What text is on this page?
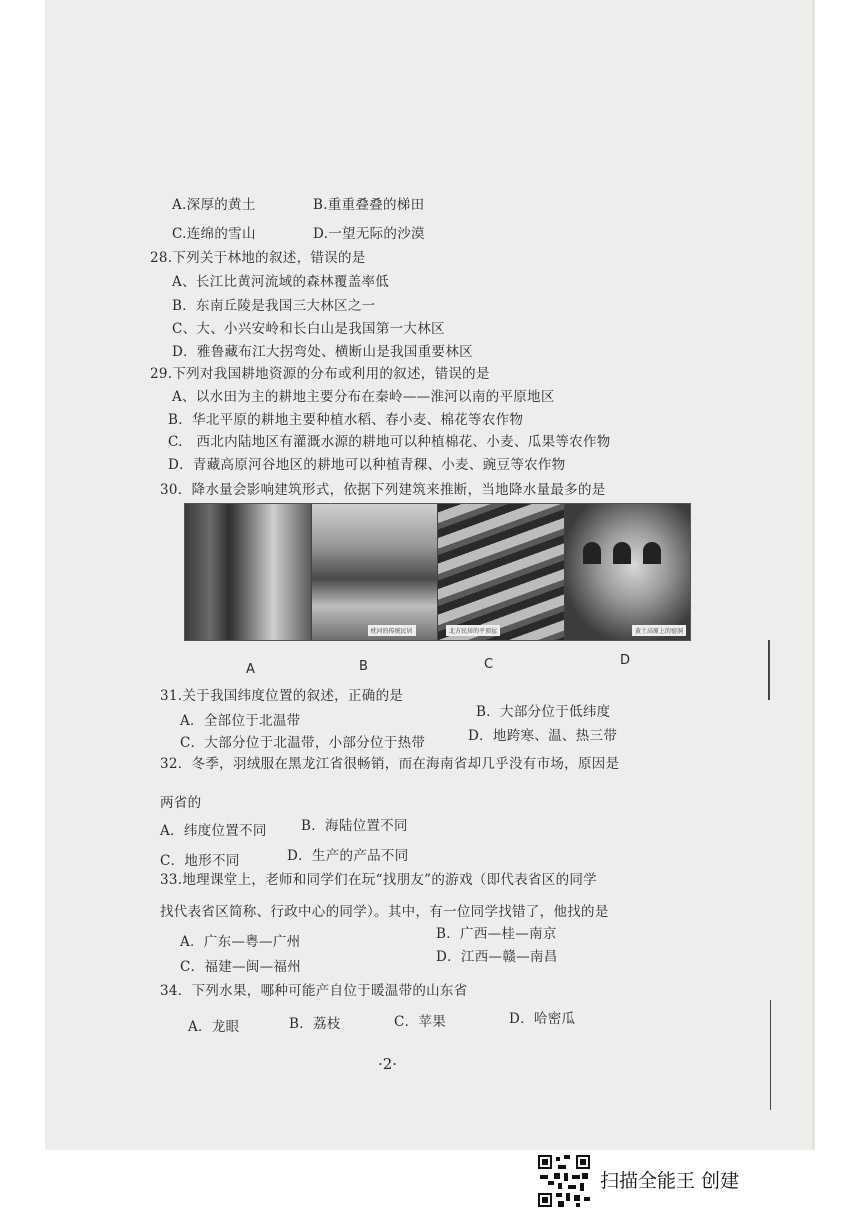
A.深厚的黄土	B.重重叠叠的梯田
C.连绵的雪山	D.一望无际的沙漠
28.下列关于林地的叙述，错误的是
A、长江比黄河流域的森林覆盖率低
B．东南丘陵是我国三大林区之一
C、大、小兴安岭和长白山是我国第一大林区
D．雅鲁藏布江大拐弯处、横断山是我国重要林区
29.下列对我国耕地资源的分布或利用的叙述，错误的是
A、以水田为主的耕地主要分布在秦岭——淮河以南的平原地区
B．华北平原的耕地主要种植水稻、春小麦、棉花等农作物
C.　西北内陆地区有灌溉水源的耕地可以种植棉花、小麦、瓜果等农作物
D．青藏高原河谷地区的耕地可以种植青稞、小麦、豌豆等农作物
30．降水量会影响建筑形式，依据下列建筑来推断，当地降水量最多的是
枕河的传统民居	北方民居的平顶屋	黄土高原上的窑洞
A	B	C	D
31.关于我国纬度位置的叙述，正确的是
A．全部位于北温带
B．大部分位于低纬度
C．大部分位于北温带，小部分位于热带	D．地跨寒、温、热三带
32．冬季，羽绒服在黑龙江省很畅销，而在海南省却几乎没有市场，原因是
两省的
A．纬度位置不同	B．海陆位置不同
C．地形不同	D．生产的产品不同
33.地理课堂上，老师和同学们在玩“找朋友”的游戏（即代表省区的同学
找代表省区简称、行政中心的同学）。其中，有一位同学找错了，他找的是
A．广东—粤—广州	B．广西—桂—南京
C．福建—闽—福州
D．江西—赣—南昌
34．下列水果，哪种可能产自位于暖温带的山东省
A．龙眼	B．荔枝	C．苹果	D．哈密瓜
·2·
扫描全能王 创建
